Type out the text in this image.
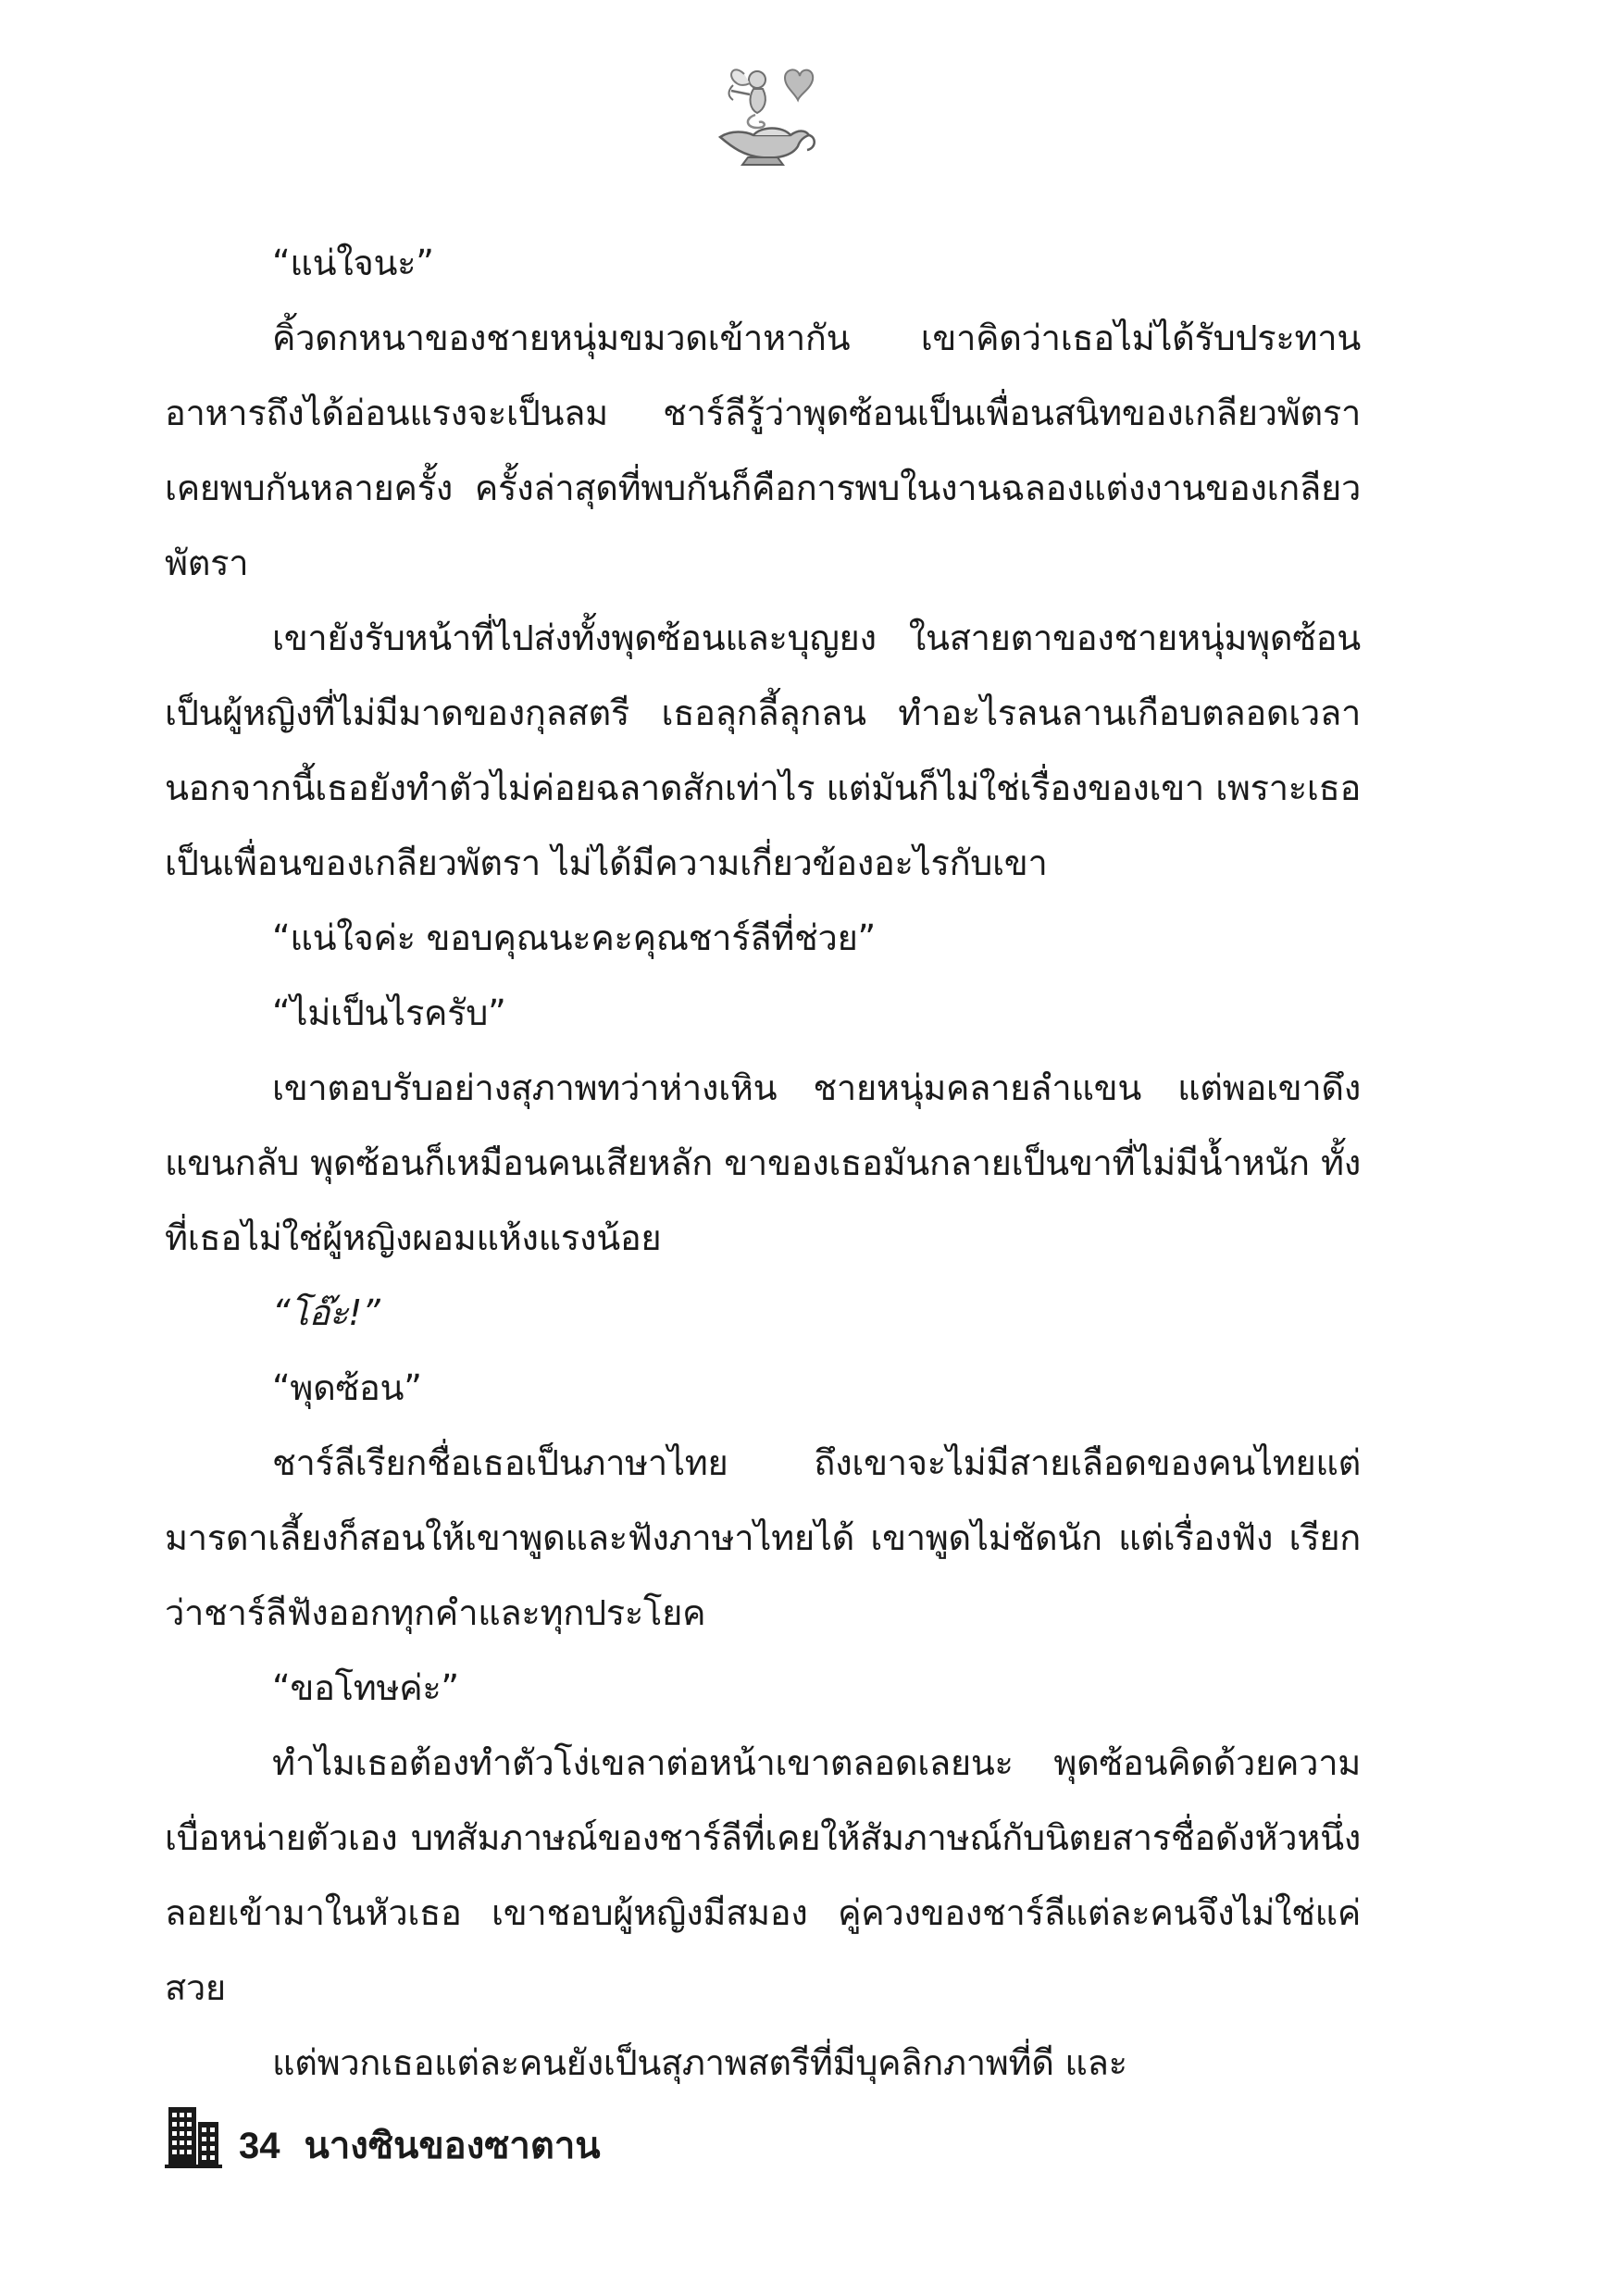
“แน่ใจนะ”

คิ้วดกหนาของชายหนุ่มขมวดเข้าหากัน เขาคิดว่าเธอไม่ได้รับประทานอาหารถึงได้อ่อนแรงจะเป็นลม ชาร์ลีรู้ว่าพุดซ้อนเป็นเพื่อนสนิทของเกลียวพัตรา เคยพบกันหลายครั้ง ครั้งล่าสุดที่พบกันก็คือการพบในงานฉลองแต่งงานของเกลียวพัตรา

เขายังรับหน้าที่ไปส่งทั้งพุดซ้อนและบุญยง ในสายตาของชายหนุ่มพุดซ้อนเป็นผู้หญิงที่ไม่มีมาดของกุลสตรี เธอลุกลี้ลุกลน ทำอะไรลนลานเกือบตลอดเวลา นอกจากนี้เธอยังทำตัวไม่ค่อยฉลาดสักเท่าไร แต่มันก็ไม่ใช่เรื่องของเขา เพราะเธอเป็นเพื่อนของเกลียวพัตรา ไม่ได้มีความเกี่ยวข้องอะไรกับเขา

“แน่ใจค่ะ ขอบคุณนะคะคุณชาร์ลีที่ช่วย”

“ไม่เป็นไรครับ”

เขาตอบรับอย่างสุภาพทว่าห่างเหิน ชายหนุ่มคลายลำแขน แต่พอเขาดึงแขนกลับ พุดซ้อนก็เหมือนคนเสียหลัก ขาของเธอมันกลายเป็นขาที่ไม่มีน้ำหนัก ทั้งที่เธอไม่ใช่ผู้หญิงผอมแห้งแรงน้อย

“โอ๊ะ!”

“พุดซ้อน”

ชาร์ลีเรียกชื่อเธอเป็นภาษาไทย ถึงเขาจะไม่มีสายเลือดของคนไทยแต่มารดาเลี้ยงก็สอนให้เขาพูดและฟังภาษาไทยได้ เขาพูดไม่ชัดนัก แต่เรื่องฟัง เรียกว่าชาร์ลีฟังออกทุกคำและทุกประโยค

“ขอโทษค่ะ”

ทำไมเธอต้องทำตัวโง่เขลาต่อหน้าเขาตลอดเลยนะ พุดซ้อนคิดด้วยความเบื่อหน่ายตัวเอง บทสัมภาษณ์ของชาร์ลีที่เคยให้สัมภาษณ์กับนิตยสารชื่อดังหัวหนึ่งลอยเข้ามาในหัวเธอ เขาชอบผู้หญิงมีสมอง คู่ควงของชาร์ลีแต่ละคนจึงไม่ใช่แค่สวย

แต่พวกเธอแต่ละคนยังเป็นสุภาพสตรีที่มีบุคลิกภาพที่ดี และ

34 นางซินของซาตาน
